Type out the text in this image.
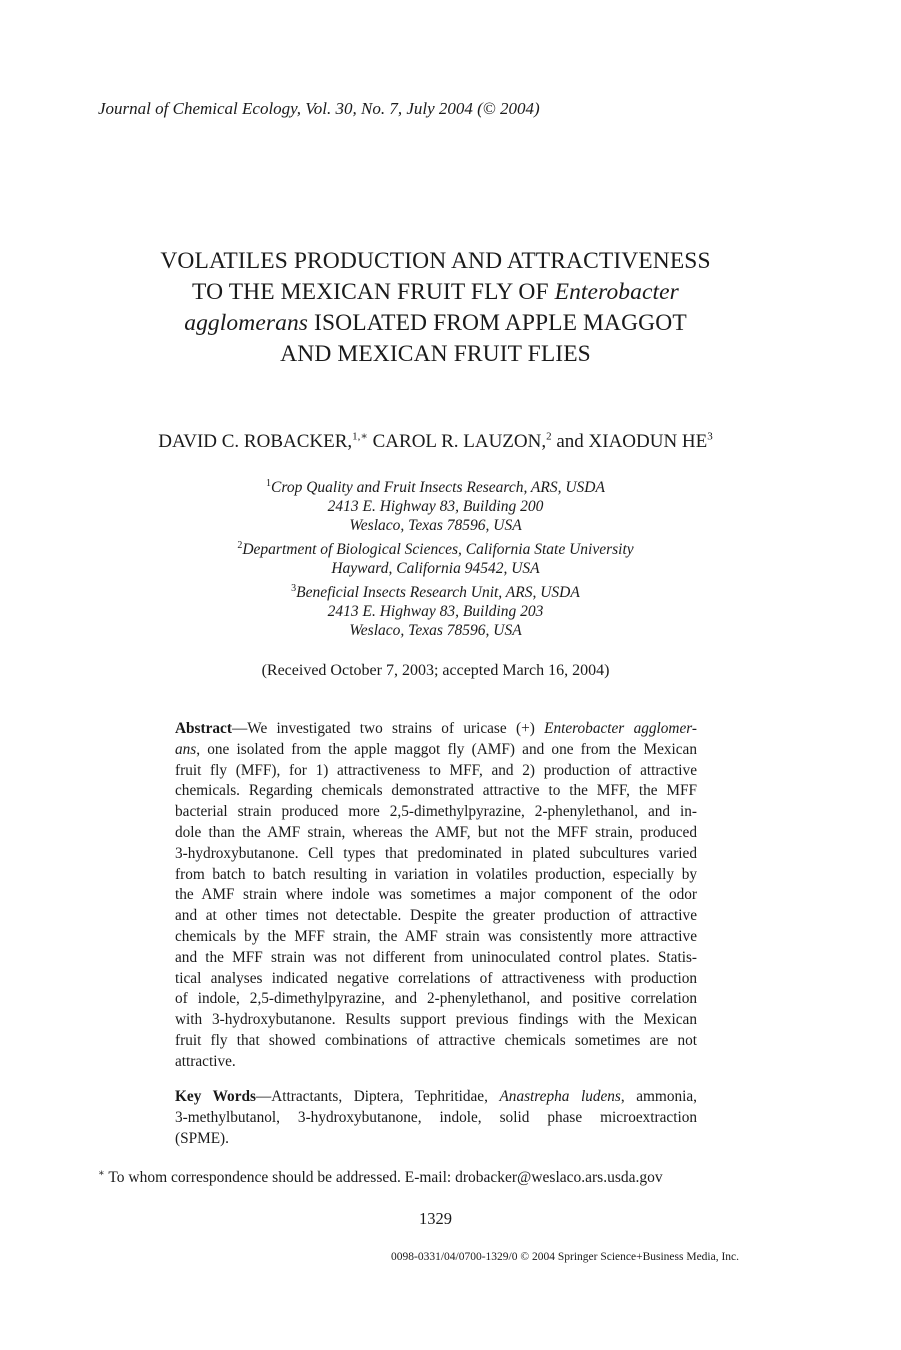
Journal of Chemical Ecology, Vol. 30, No. 7, July 2004 (© 2004)
VOLATILES PRODUCTION AND ATTRACTIVENESS
TO THE MEXICAN FRUIT FLY OF Enterobacter
agglomerans ISOLATED FROM APPLE MAGGOT
AND MEXICAN FRUIT FLIES
DAVID C. ROBACKER,$^{1,∗}$ CAROL R. LAUZON,$^2$ and XIAODUN $HE^3$
$^1$Crop Quality and Fruit Insects Research, ARS, USDA
2413 E. Highway 83, Building 200
Weslaco, Texas 78596, USA
$^2$Department of Biological Sciences, California State University
Hayward, California 94542, USA
$^3$Beneficial Insects Research Unit, ARS, USDA
2413 E. Highway 83, Building 203
Weslaco, Texas 78596, USA
(Received October 7, 2003; accepted March 16, 2004)
Abstract—We investigated two strains of uricase (+) Enterobacter agglomer-
ans, one isolated from the apple maggot fly (AMF) and one from the Mexican
fruit fly (MFF), for 1) attractiveness to MFF, and 2) production of attractive
chemicals. Regarding chemicals demonstrated attractive to the MFF, the MFF
bacterial strain produced more 2,5-dimethylpyrazine, 2-phenylethanol, and in-
dole than the AMF strain, whereas the AMF, but not the MFF strain, produced
3-hydroxybutanone. Cell types that predominated in plated subcultures varied
from batch to batch resulting in variation in volatiles production, especially by
the AMF strain where indole was sometimes a major component of the odor
and at other times not detectable. Despite the greater production of attractive
chemicals by the MFF strain, the AMF strain was consistently more attractive
and the MFF strain was not different from uninoculated control plates. Statis-
tical analyses indicated negative correlations of attractiveness with production
of indole, 2,5-dimethylpyrazine, and 2-phenylethanol, and positive correlation
with 3-hydroxybutanone. Results support previous findings with the Mexican
fruit fly that showed combinations of attractive chemicals sometimes are not
attractive.
Key Words—Attractants, Diptera, Tephritidae, Anastrepha ludens, ammonia,
3-methylbutanol, 3-hydroxybutanone, indole, solid phase microextraction
(SPME).
∗ To whom correspondence should be addressed. E-mail: drobacker@weslaco.ars.usda.gov
1329
0098-0331/04/0700-1329/0 © 2004 Springer Science+Business Media, Inc.
